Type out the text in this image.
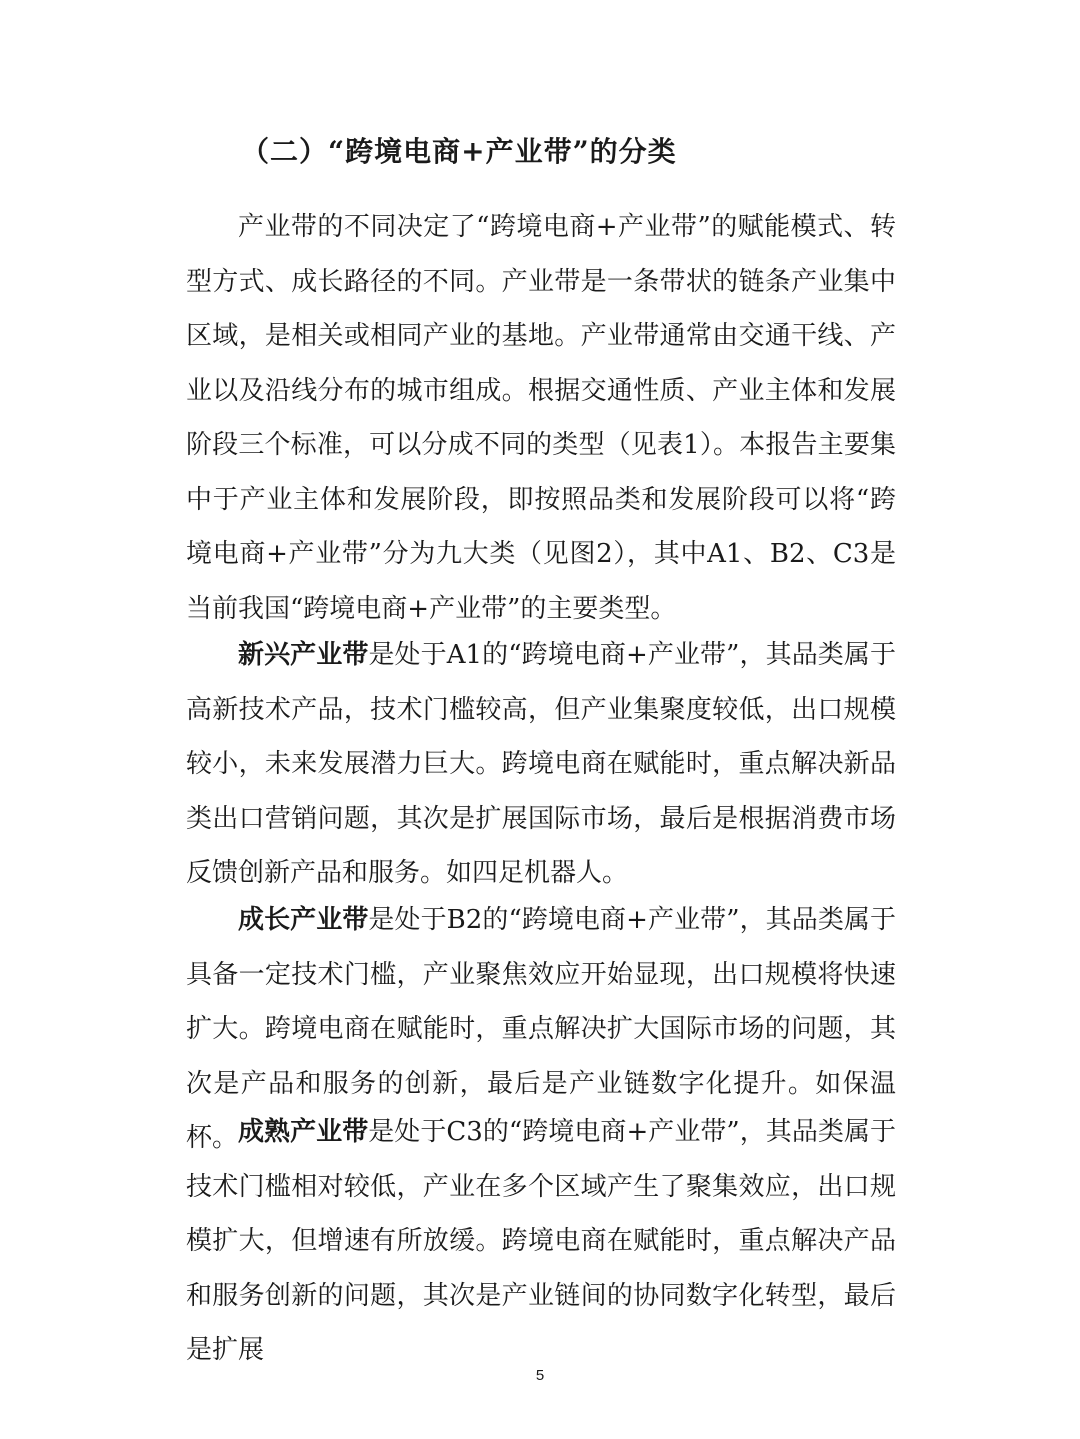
（二）“跨境电商+产业带”的分类

产业带的不同决定了“跨境电商+产业带”的赋能模式、转型方式、成长路径的不同。产业带是一条带状的链条产业集中区域，是相关或相同产业的基地。产业带通常由交通干线、产业以及沿线分布的城市组成。根据交通性质、产业主体和发展阶段三个标准，可以分成不同的类型（见表1）。本报告主要集中于产业主体和发展阶段，即按照品类和发展阶段可以将“跨境电商+产业带”分为九大类（见图2），其中A1、B2、C3是当前我国“跨境电商+产业带”的主要类型。

新兴产业带是处于A1的“跨境电商+产业带”，其品类属于高新技术产品，技术门槛较高，但产业集聚度较低，出口规模较小，未来发展潜力巨大。跨境电商在赋能时，重点解决新品类出口营销问题，其次是扩展国际市场，最后是根据消费市场反馈创新产品和服务。如四足机器人。

成长产业带是处于B2的“跨境电商+产业带”，其品类属于具备一定技术门槛，产业聚焦效应开始显现，出口规模将快速扩大。跨境电商在赋能时，重点解决扩大国际市场的问题，其次是产品和服务的创新，最后是产业链数字化提升。如保温杯。 成熟产业带是处于C3的“跨境电商+产业带”，其品类属于技术门槛相对较低，产业在多个区域产生了聚集效应，出口规模扩大，但增速有所放缓。跨境电商在赋能时，重点解决产品和服务创新的问题，其次是产业链间的协同数字化转型，最后是扩展

5
